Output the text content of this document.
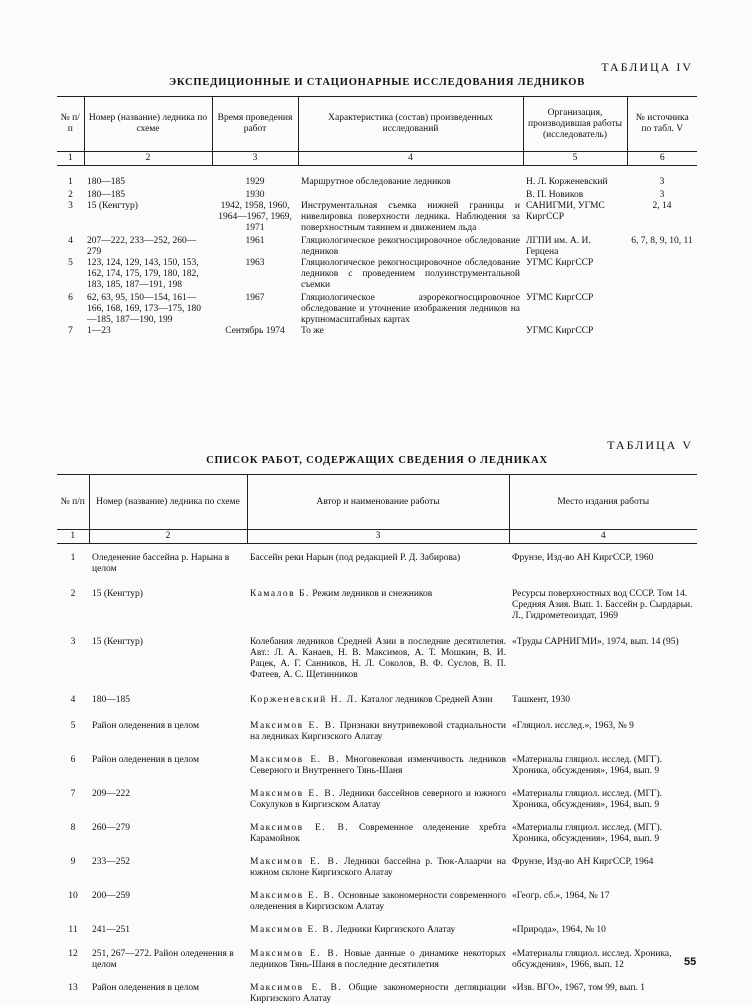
ТАБЛИЦА IV
ЭКСПЕДИЦИОННЫЕ И СТАЦИОНАРНЫЕ ИССЛЕДОВАНИЯ ЛЕДНИКОВ
№ п/п	Номер (название) ледника по схеме	Время проведения работ	Характеристика (состав) произведенных исследований	Организация, производившая работы (исследователь)	№ источника по табл. V
1	2	3	4	5	6

1	180—185	1929	Маршрутное обследование ледников	Н. Л. Корженевский	3
2	180—185	1930		В. П. Новиков	3
3	15 (Кенгтур)	1942, 1958, 1960, 1964—1967, 1969, 1971	Инструментальная съемка нижней границы и нивелировка поверхности ледника. Наблюдения за поверхностным таянием и движением льда	САНИГМИ, УГМС КиргССР	2, 14
4	207—222, 233—252, 260—279	1961	Гляциологическое рекогносцировочное обследование ледников	ЛГПИ им. А. И. Герцена	6, 7, 8, 9, 10, 11
5	123, 124, 129, 143, 150, 153, 162, 174, 175, 179, 180, 182, 183, 185, 187—191, 198	1963	Гляциологическое рекогносцировочное обследование ледников с проведением полуинструментальной съемки	УГМС КиргССР	
6	62, 63, 95, 150—154, 161—166, 168, 169, 173—175, 180—185, 187—190, 199	1967	Гляциологическое аэрорекогносцировочное обследование и уточнение изображения ледников на крупномасштабных картах	УГМС КиргССР	
7	1—23	Сентябрь 1974	То же	УГМС КиргССР	
ТАБЛИЦА V
СПИСОК РАБОТ, СОДЕРЖАЩИХ СВЕДЕНИЯ О ЛЕДНИКАХ
№ п/п	Номер (название) ледника по схеме	Автор и наименование работы	Место издания работы
1	2	3	4

1	Оледенение бассейна р. Нарына в целом	Бассейн реки Нарын (под редакцией Р. Д. Забирова)	Фрунзе, Изд-во АН КиргССР, 1960
2	15 (Кенгтур)	Камалов Б. Режим ледников и снежников	Ресурсы поверхностных вод СССР. Том 14. Средняя Азия. Вып. 1. Бассейн р. Сырдарьи. Л., Гидрометеоиздат, 1969
3	15 (Кенгтур)	Колебания ледников Средней Азии в последние десятилетия. Авт.: Л. А. Канаев, Н. В. Максимов, А. Т. Мошкин, В. И. Рацек, А. Г. Санников, Н. Л. Соколов, В. Ф. Суслов, В. П. Фатеев, А. С. Щетинников	«Труды САРНИГМИ», 1974, вып. 14 (95)
4	180—185	Корженевский Н. Л. Каталог ледников Средней Азии	Ташкент, 1930
5	Район оледенения в целом	Максимов Е. В. Признаки внутривековой стадиальности на ледниках Киргизского Алатау	«Гляциол. исслед.», 1963, № 9
6	Район оледенения в целом	Максимов Е. В. Многовековая изменчивость ледников Северного и Внутреннего Тянь-Шаня	«Материалы гляциол. исслед. (МГГ). Хроника, обсуждения», 1964, вып. 9
7	209—222	Максимов Е. В. Ледники бассейнов северного и южного Сокулуков в Киргизском Алатау	«Материалы гляциол. исслед. (МГГ). Хроника, обсуждения», 1964, вып. 9
8	260—279	Максимов Е. В. Современное оледенение хребта Карамойнок	«Материалы гляциол. исслед. (МГГ). Хроника, обсуждения», 1964, вып. 9
9	233—252	Максимов Е. В. Ледники бассейна р. Тюк-Алаарчи на южном склоне Киргизского Алатау	Фрунзе, Изд-во АН КиргССР, 1964
10	200—259	Максимов Е. В. Основные закономерности современного оледенения в Киргизском Алатау	«Геогр. сб.», 1964, № 17
11	241—251	Максимов Е. В. Ледники Киргизского Алатау	«Природа», 1964, № 10
12	251, 267—272. Район оледенения в целом	Максимов Е. В. Новые данные о динамике некоторых ледников Тянь-Шаня в последние десятилетия	«Материалы гляциол. исслед. Хроника, обсуждения», 1966, вып. 12
13	Район оледенения в целом	Максимов Е. В. Общие закономерности дегляциации Киргизского Алатау	«Изв. ВГО», 1967, том 99, вып. 1
55
